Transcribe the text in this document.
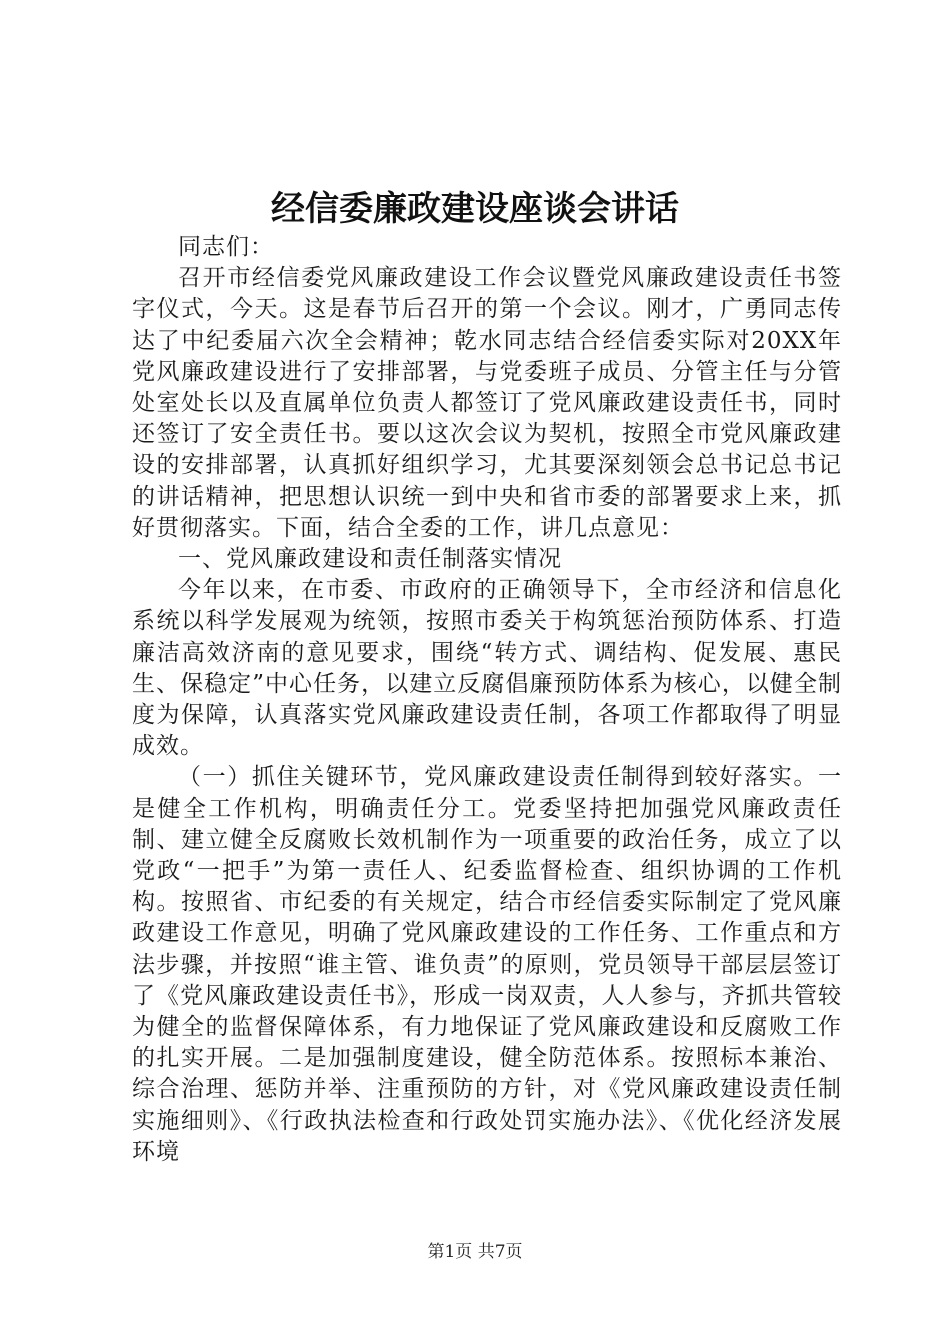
经信委廉政建设座谈会讲话

同志们：

召开市经信委党风廉政建设工作会议暨党风廉政建设责任书签字仪式，今天。这是春节后召开的第一个会议。刚才，广勇同志传达了中纪委届六次全会精神；乾水同志结合经信委实际对20XX年党风廉政建设进行了安排部署，与党委班子成员、分管主任与分管处室处长以及直属单位负责人都签订了党风廉政建设责任书，同时还签订了安全责任书。要以这次会议为契机，按照全市党风廉政建设的安排部署，认真抓好组织学习，尤其要深刻领会总书记总书记的讲话精神，把思想认识统一到中央和省市委的部署要求上来，抓好贯彻落实。下面，结合全委的工作，讲几点意见：

一、党风廉政建设和责任制落实情况

今年以来，在市委、市政府的正确领导下，全市经济和信息化系统以科学发展观为统领，按照市委关于构筑惩治预防体系、打造廉洁高效济南的意见要求，围绕“转方式、调结构、促发展、惠民生、保稳定”中心任务，以建立反腐倡廉预防体系为核心，以健全制度为保障，认真落实党风廉政建设责任制，各项工作都取得了明显成效。

（一）抓住关键环节，党风廉政建设责任制得到较好落实。一是健全工作机构，明确责任分工。党委坚持把加强党风廉政责任制、建立健全反腐败长效机制作为一项重要的政治任务，成立了以党政“一把手”为第一责任人、纪委监督检查、组织协调的工作机构。按照省、市纪委的有关规定，结合市经信委实际制定了党风廉政建设工作意见，明确了党风廉政建设的工作任务、工作重点和方法步骤，并按照“谁主管、谁负责”的原则，党员领导干部层层签订了《党风廉政建设责任书》，形成一岗双责，人人参与，齐抓共管较为健全的监督保障体系，有力地保证了党风廉政建设和反腐败工作的扎实开展。二是加强制度建设，健全防范体系。按照标本兼治、综合治理、惩防并举、注重预防的方针，对《党风廉政建设责任制实施细则》、《行政执法检查和行政处罚实施办法》、《优化经济发展环境

第1页 共7页
